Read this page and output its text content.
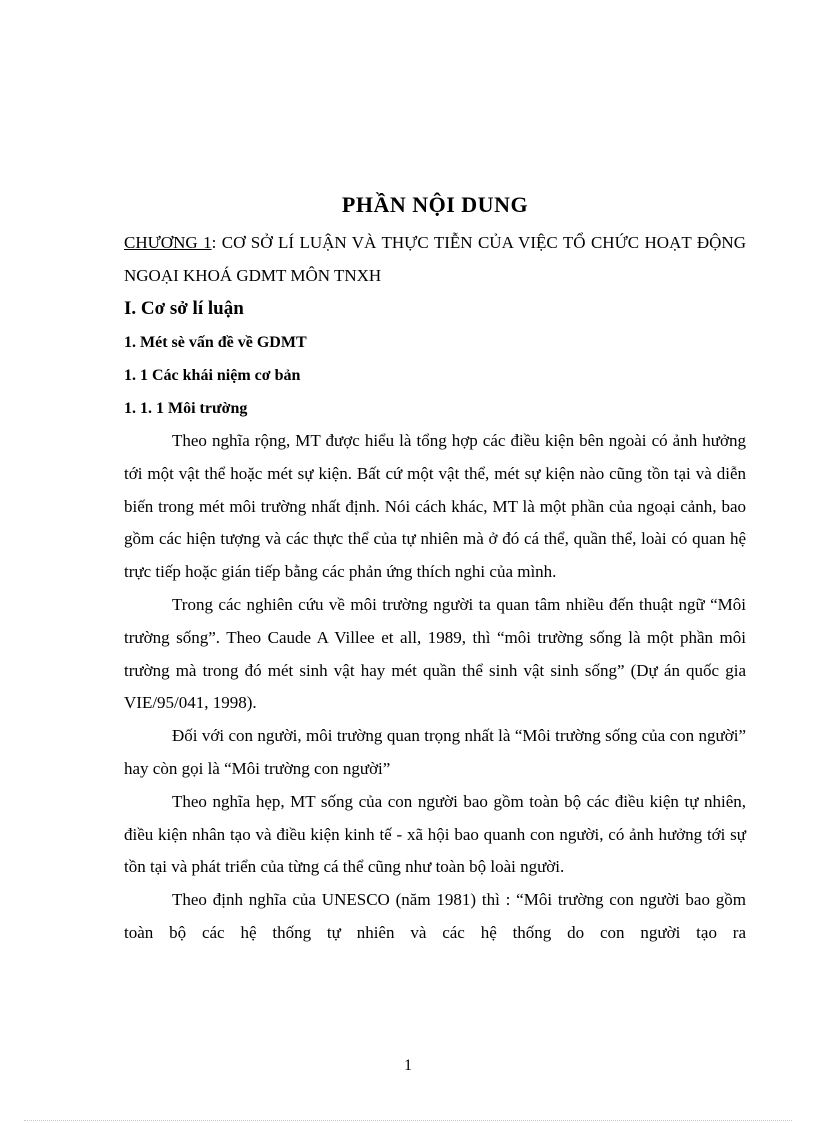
PHẦN NỘI DUNG

CHƯƠNG 1: CƠ SỞ LÍ LUẬN VÀ THỰC TIỄN CỦA VIỆC TỔ CHỨC HOẠT ĐỘNG NGOẠI KHOÁ GDMT MÔN TNXH

I. Cơ sở lí luận
1. Mét sè vấn đề về GDMT
1. 1 Các khái niệm cơ bản
1. 1. 1 Môi trường

Theo nghĩa rộng, MT được hiểu là tổng hợp các điều kiện bên ngoài có ảnh hưởng tới một vật thể hoặc mét sự kiện. Bất cứ một vật thể, mét sự kiện nào cũng tồn tại và diễn biến trong mét môi trường nhất định. Nói cách khác, MT là một phần của ngoại cảnh, bao gồm các hiện tượng và các thực thể của tự nhiên mà ở đó cá thể, quần thể, loài có quan hệ trực tiếp hoặc gián tiếp bằng các phản ứng thích nghi của mình.

Trong các nghiên cứu về môi trường người ta quan tâm nhiều đến thuật ngữ “Môi trường sống”. Theo Caude A Villee et all, 1989, thì “môi trường sống là một phần môi trường mà trong đó mét sinh vật hay mét quần thể sinh vật sinh sống” (Dự án quốc gia VIE/95/041, 1998).

Đối với con người, môi trường quan trọng nhất là “Môi trường sống của con người” hay còn gọi là “Môi trường con người”

Theo nghĩa hẹp, MT sống của con người bao gồm toàn bộ các điều kiện tự nhiên, điều kiện nhân tạo và điều kiện kinh tế - xã hội bao quanh con người, có ảnh hưởng tới sự tồn tại và phát triển của từng cá thể cũng như toàn bộ loài người.

Theo định nghĩa của UNESCO (năm 1981) thì : “Môi trường con người bao gồm toàn bộ các hệ thống tự nhiên và các hệ thống do con người tạo ra

1
